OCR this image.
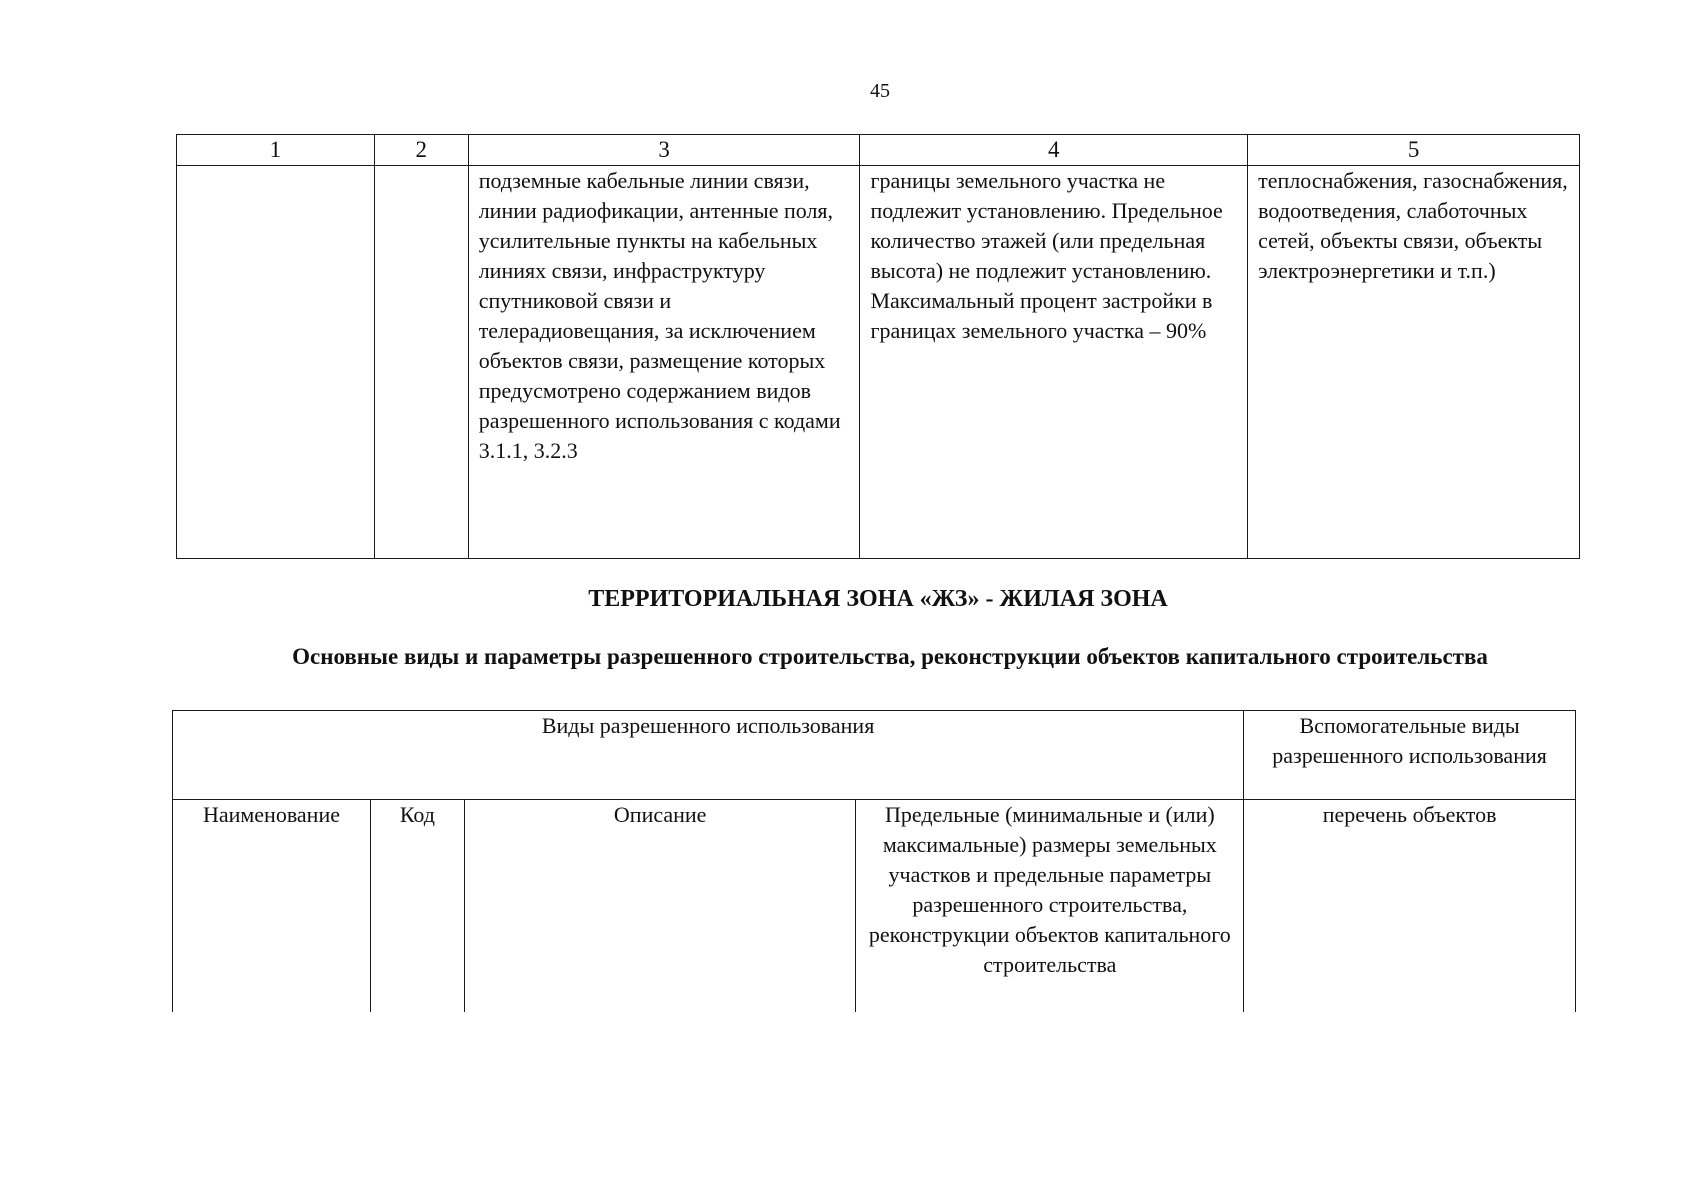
45
1	2	3	4	5
		подземные кабельные линии связи, линии радиофикации, антенные поля, усилительные пункты на кабельных линиях связи, инфраструктуру спутниковой связи и телерадиовещания, за исключением объектов связи, размещение которых предусмотрено содержанием видов разрешенного использования с кодами 3.1.1, 3.2.3	границы земельного участка не подлежит установлению. Предельное количество этажей (или предельная высота) не подлежит установлению. Максимальный процент застройки в границах земельного участка – 90%	теплоснабжения, газоснабжения, водоотведения, слаботочных сетей, объекты связи, объекты электроэнергетики и т.п.)
ТЕРРИТОРИАЛЬНАЯ ЗОНА «ЖЗ» - ЖИЛАЯ ЗОНА
Основные виды и параметры разрешенного строительства, реконструкции объектов капитального строительства
Виды разрешенного использования				Вспомогательные виды разрешенного использования
Наименование	Код	Описание	Предельные (минимальные и (или) максимальные) размеры земельных участков и предельные параметры разрешенного строительства, реконструкции объектов капитального строительства	перечень объектов
